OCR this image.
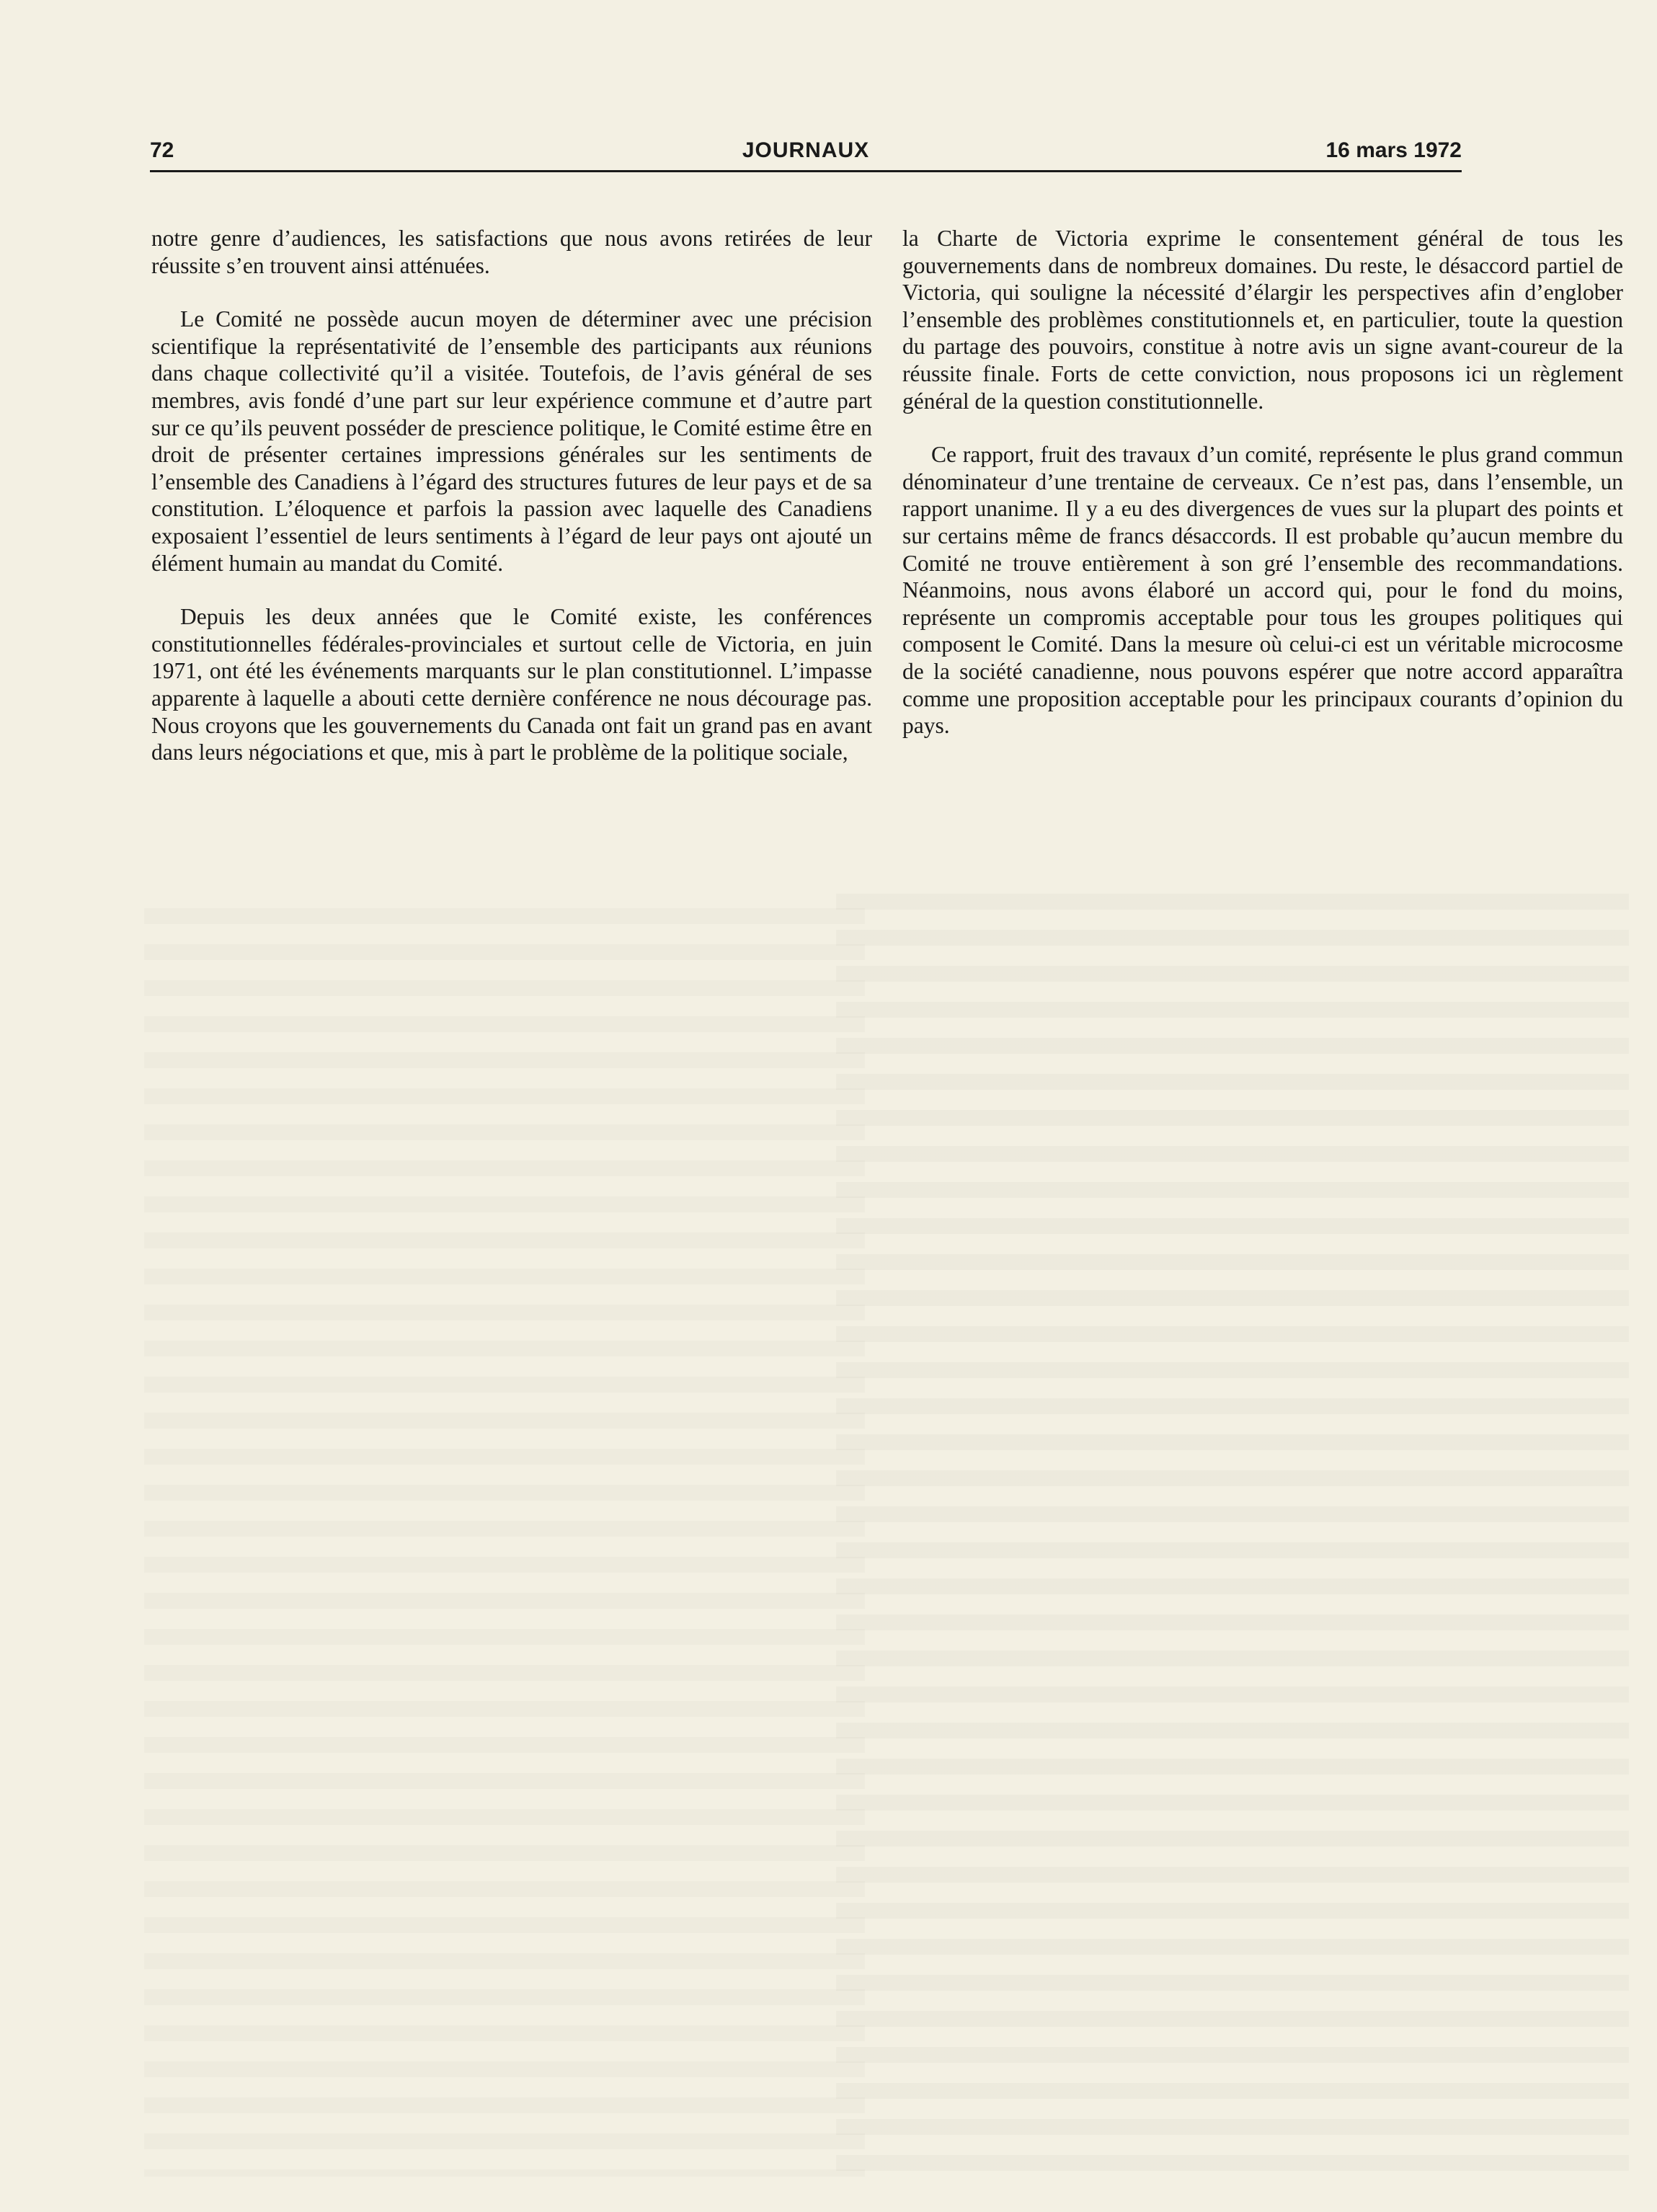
72	JOURNAUX	16 mars 1972

notre genre d’audiences, les satisfactions que nous avons retirées de leur réussite s’en trouvent ainsi atténuées.

Le Comité ne possède aucun moyen de déterminer avec une précision scientifique la représentativité de l’ensemble des participants aux réunions dans chaque collectivité qu’il a visitée. Toutefois, de l’avis général de ses membres, avis fondé d’une part sur leur expérience commune et d’autre part sur ce qu’ils peuvent posséder de prescience politique, le Comité estime être en droit de présenter certaines impressions générales sur les sentiments de l’ensemble des Canadiens à l’égard des structures futures de leur pays et de sa constitution. L’éloquence et parfois la passion avec laquelle des Canadiens exposaient l’essentiel de leurs sentiments à l’égard de leur pays ont ajouté un élément humain au mandat du Comité.

Depuis les deux années que le Comité existe, les conférences constitutionnelles fédérales-provinciales et surtout celle de Victoria, en juin 1971, ont été les événements marquants sur le plan constitutionnel. L’impasse apparente à laquelle a abouti cette dernière conférence ne nous décourage pas. Nous croyons que les gouvernements du Canada ont fait un grand pas en avant dans leurs négociations et que, mis à part le problème de la politique sociale,

la Charte de Victoria exprime le consentement général de tous les gouvernements dans de nombreux domaines. Du reste, le désaccord partiel de Victoria, qui souligne la nécessité d’élargir les perspectives afin d’englober l’ensemble des problèmes constitutionnels et, en particulier, toute la question du partage des pouvoirs, constitue à notre avis un signe avant-coureur de la réussite finale. Forts de cette conviction, nous proposons ici un règlement général de la question constitutionnelle.

Ce rapport, fruit des travaux d’un comité, représente le plus grand commun dénominateur d’une trentaine de cerveaux. Ce n’est pas, dans l’ensemble, un rapport unanime. Il y a eu des divergences de vues sur la plupart des points et sur certains même de francs désaccords. Il est probable qu’aucun membre du Comité ne trouve entièrement à son gré l’ensemble des recommandations. Néanmoins, nous avons élaboré un accord qui, pour le fond du moins, représente un compromis acceptable pour tous les groupes politiques qui composent le Comité. Dans la mesure où celui-ci est un véritable microcosme de la société canadienne, nous pouvons espérer que notre accord apparaîtra comme une proposition acceptable pour les principaux courants d’opinion du pays.
